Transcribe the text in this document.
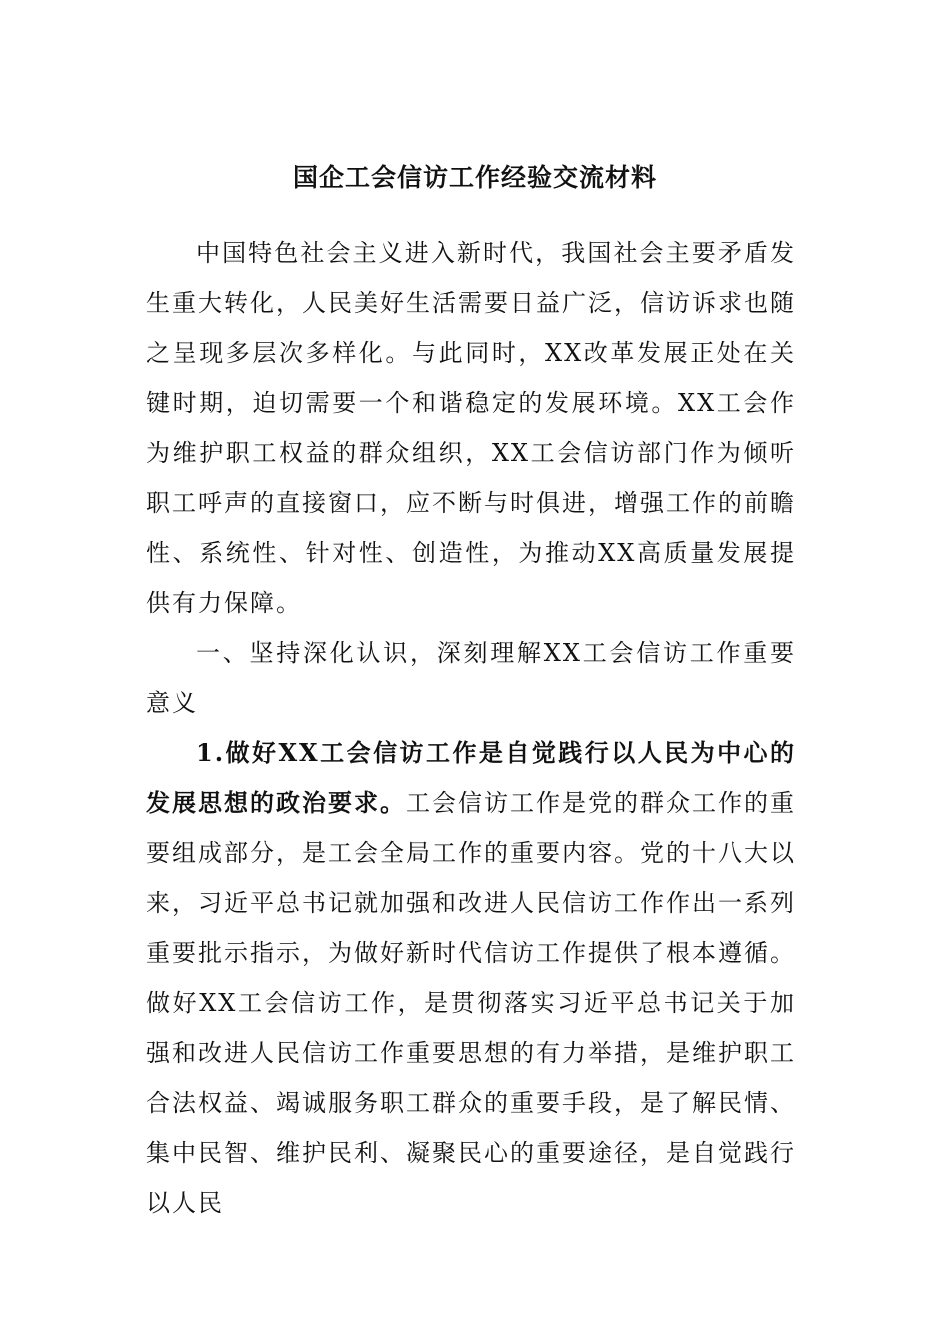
国企工会信访工作经验交流材料

中国特色社会主义进入新时代，我国社会主要矛盾发生重大转化，人民美好生活需要日益广泛，信访诉求也随之呈现多层次多样化。与此同时，XX改革发展正处在关键时期，迫切需要一个和谐稳定的发展环境。XX工会作为维护职工权益的群众组织，XX工会信访部门作为倾听职工呼声的直接窗口，应不断与时俱进，增强工作的前瞻性、系统性、针对性、创造性，为推动XX高质量发展提供有力保障。

一、坚持深化认识，深刻理解XX工会信访工作重要意义

1.做好XX工会信访工作是自觉践行以人民为中心的发展思想的政治要求。工会信访工作是党的群众工作的重要组成部分，是工会全局工作的重要内容。党的十八大以来，习近平总书记就加强和改进人民信访工作作出一系列重要批示指示，为做好新时代信访工作提供了根本遵循。做好XX工会信访工作，是贯彻落实习近平总书记关于加强和改进人民信访工作重要思想的有力举措，是维护职工合法权益、竭诚服务职工群众的重要手段，是了解民情、集中民智、维护民利、凝聚民心的重要途径，是自觉践行以人民
